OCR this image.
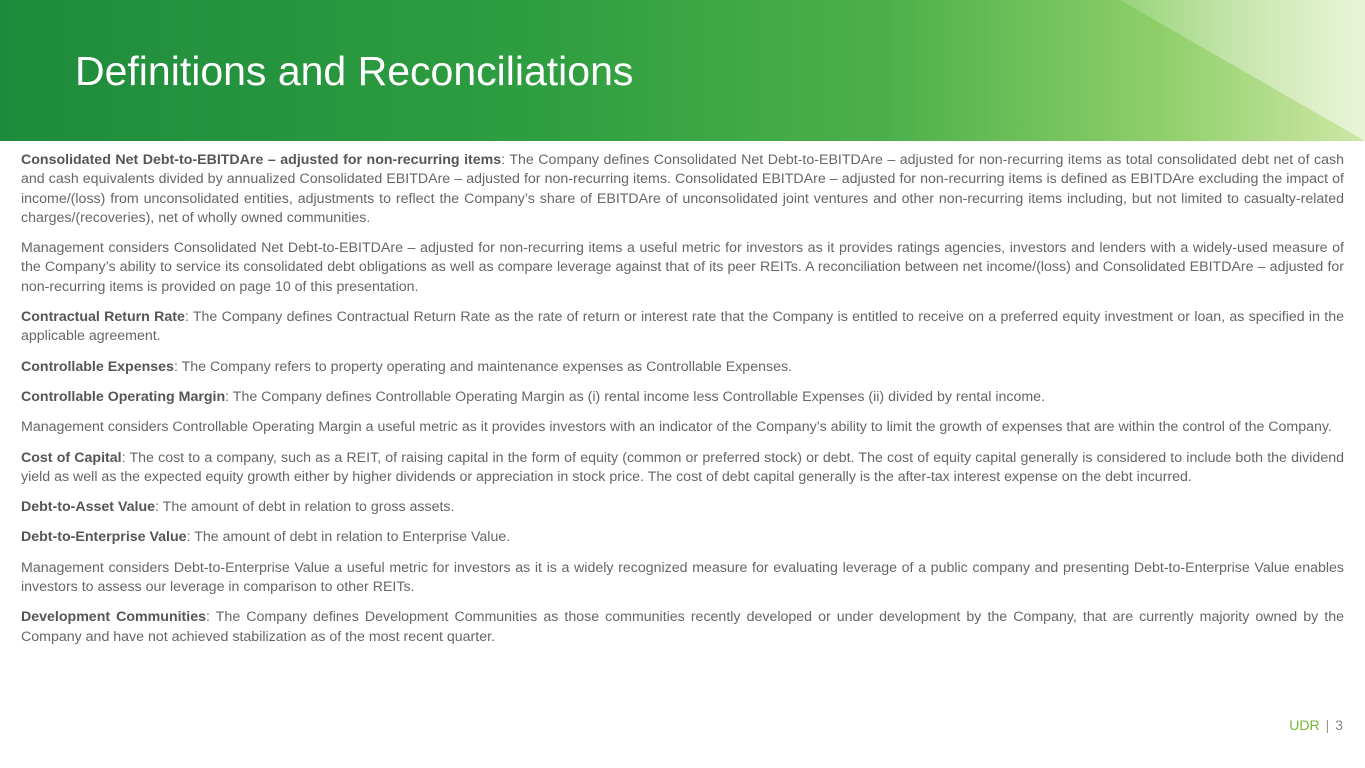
Definitions and Reconciliations

Consolidated Net Debt-to-EBITDAre – adjusted for non-recurring items: The Company defines Consolidated Net Debt-to-EBITDAre – adjusted for non-recurring items as total consolidated debt net of cash and cash equivalents divided by annualized Consolidated EBITDAre – adjusted for non-recurring items. Consolidated EBITDAre – adjusted for non-recurring items is defined as EBITDAre excluding the impact of income/(loss) from unconsolidated entities, adjustments to reflect the Company’s share of EBITDAre of unconsolidated joint ventures and other non-recurring items including, but not limited to casualty-related charges/(recoveries), net of wholly owned communities.

Management considers Consolidated Net Debt-to-EBITDAre – adjusted for non-recurring items a useful metric for investors as it provides ratings agencies, investors and lenders with a widely-used measure of the Company’s ability to service its consolidated debt obligations as well as compare leverage against that of its peer REITs. A reconciliation between net income/(loss) and Consolidated EBITDAre – adjusted for non-recurring items is provided on page 10 of this presentation.

Contractual Return Rate: The Company defines Contractual Return Rate as the rate of return or interest rate that the Company is entitled to receive on a preferred equity investment or loan, as specified in the applicable agreement.

Controllable Expenses: The Company refers to property operating and maintenance expenses as Controllable Expenses.

Controllable Operating Margin: The Company defines Controllable Operating Margin as (i) rental income less Controllable Expenses (ii) divided by rental income.

Management considers Controllable Operating Margin a useful metric as it provides investors with an indicator of the Company’s ability to limit the growth of expenses that are within the control of the Company.

Cost of Capital: The cost to a company, such as a REIT, of raising capital in the form of equity (common or preferred stock) or debt. The cost of equity capital generally is considered to include both the dividend yield as well as the expected equity growth either by higher dividends or appreciation in stock price. The cost of debt capital generally is the after-tax interest expense on the debt incurred.

Debt-to-Asset Value: The amount of debt in relation to gross assets.

Debt-to-Enterprise Value: The amount of debt in relation to Enterprise Value.

Management considers Debt-to-Enterprise Value a useful metric for investors as it is a widely recognized measure for evaluating leverage of a public company and presenting Debt-to-Enterprise Value enables investors to assess our leverage in comparison to other REITs.

Development Communities: The Company defines Development Communities as those communities recently developed or under development by the Company, that are currently majority owned by the Company and have not achieved stabilization as of the most recent quarter.

UDR | 3
